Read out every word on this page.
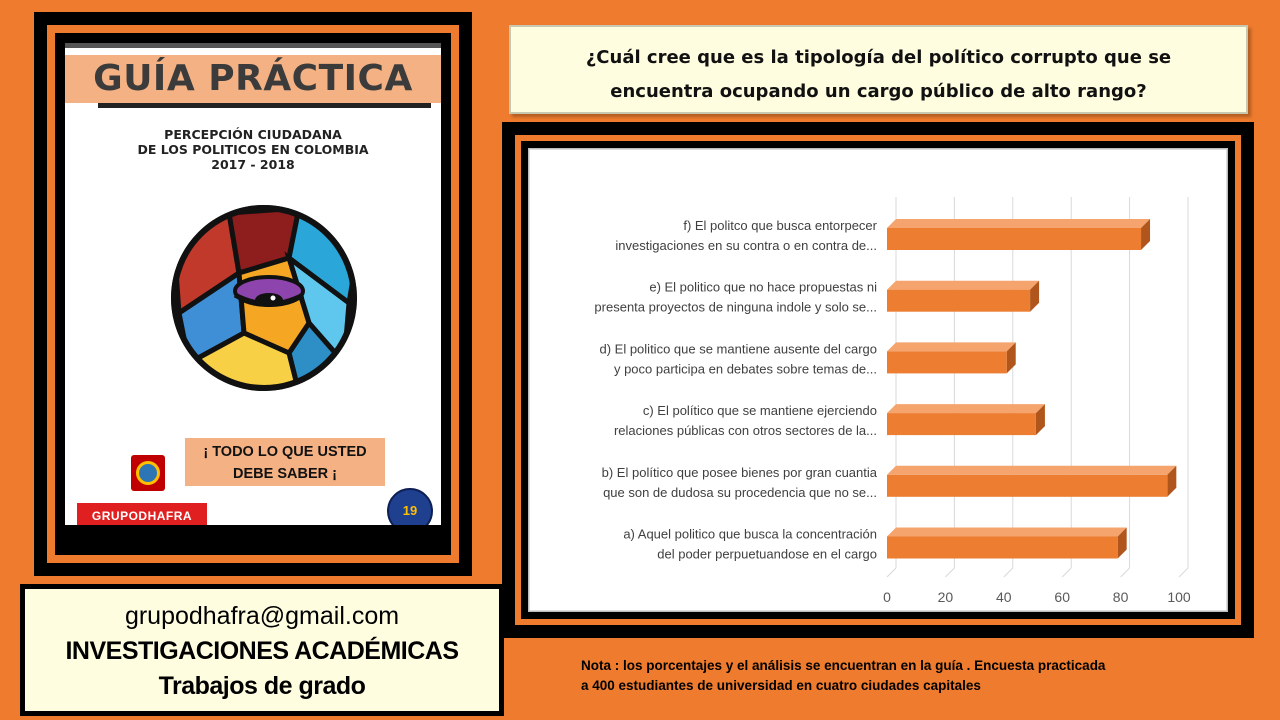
GUÍA PRÁCTICA
PERCEPCIÓN CIUDADANA
DE LOS POLITICOS EN COLOMBIA
2017 - 2018
¡ TODO LO QUE USTED
DEBE SABER ¡
GRUPODHAFRA	19
grupodhafra@gmail.com
INVESTIGACIONES ACADÉMICAS
Trabajos de grado
¿Cuál cree que es la tipología del político corrupto que se
encuentra ocupando un cargo público de alto rango?
0	20	40	60	80	100
f) El politco que busca entorpecer
investigaciones en su contra o en contra de...
e) El politico que no hace propuestas ni
presenta proyectos de ninguna indole y solo se...
d) El politico que se mantiene ausente del cargo
y poco participa en debates sobre temas de...
c) El político que se mantiene ejerciendo
relaciones públicas con otros sectores de la...
b) El político que posee bienes por gran cuantia
que son de dudosa su procedencia que no se...
a) Aquel politico que busca la concentración
del poder perpuetuandose en el cargo
Nota : los porcentajes y el análisis se encuentran en la guía . Encuesta practicada
a 400 estudiantes de universidad en cuatro ciudades capitales
